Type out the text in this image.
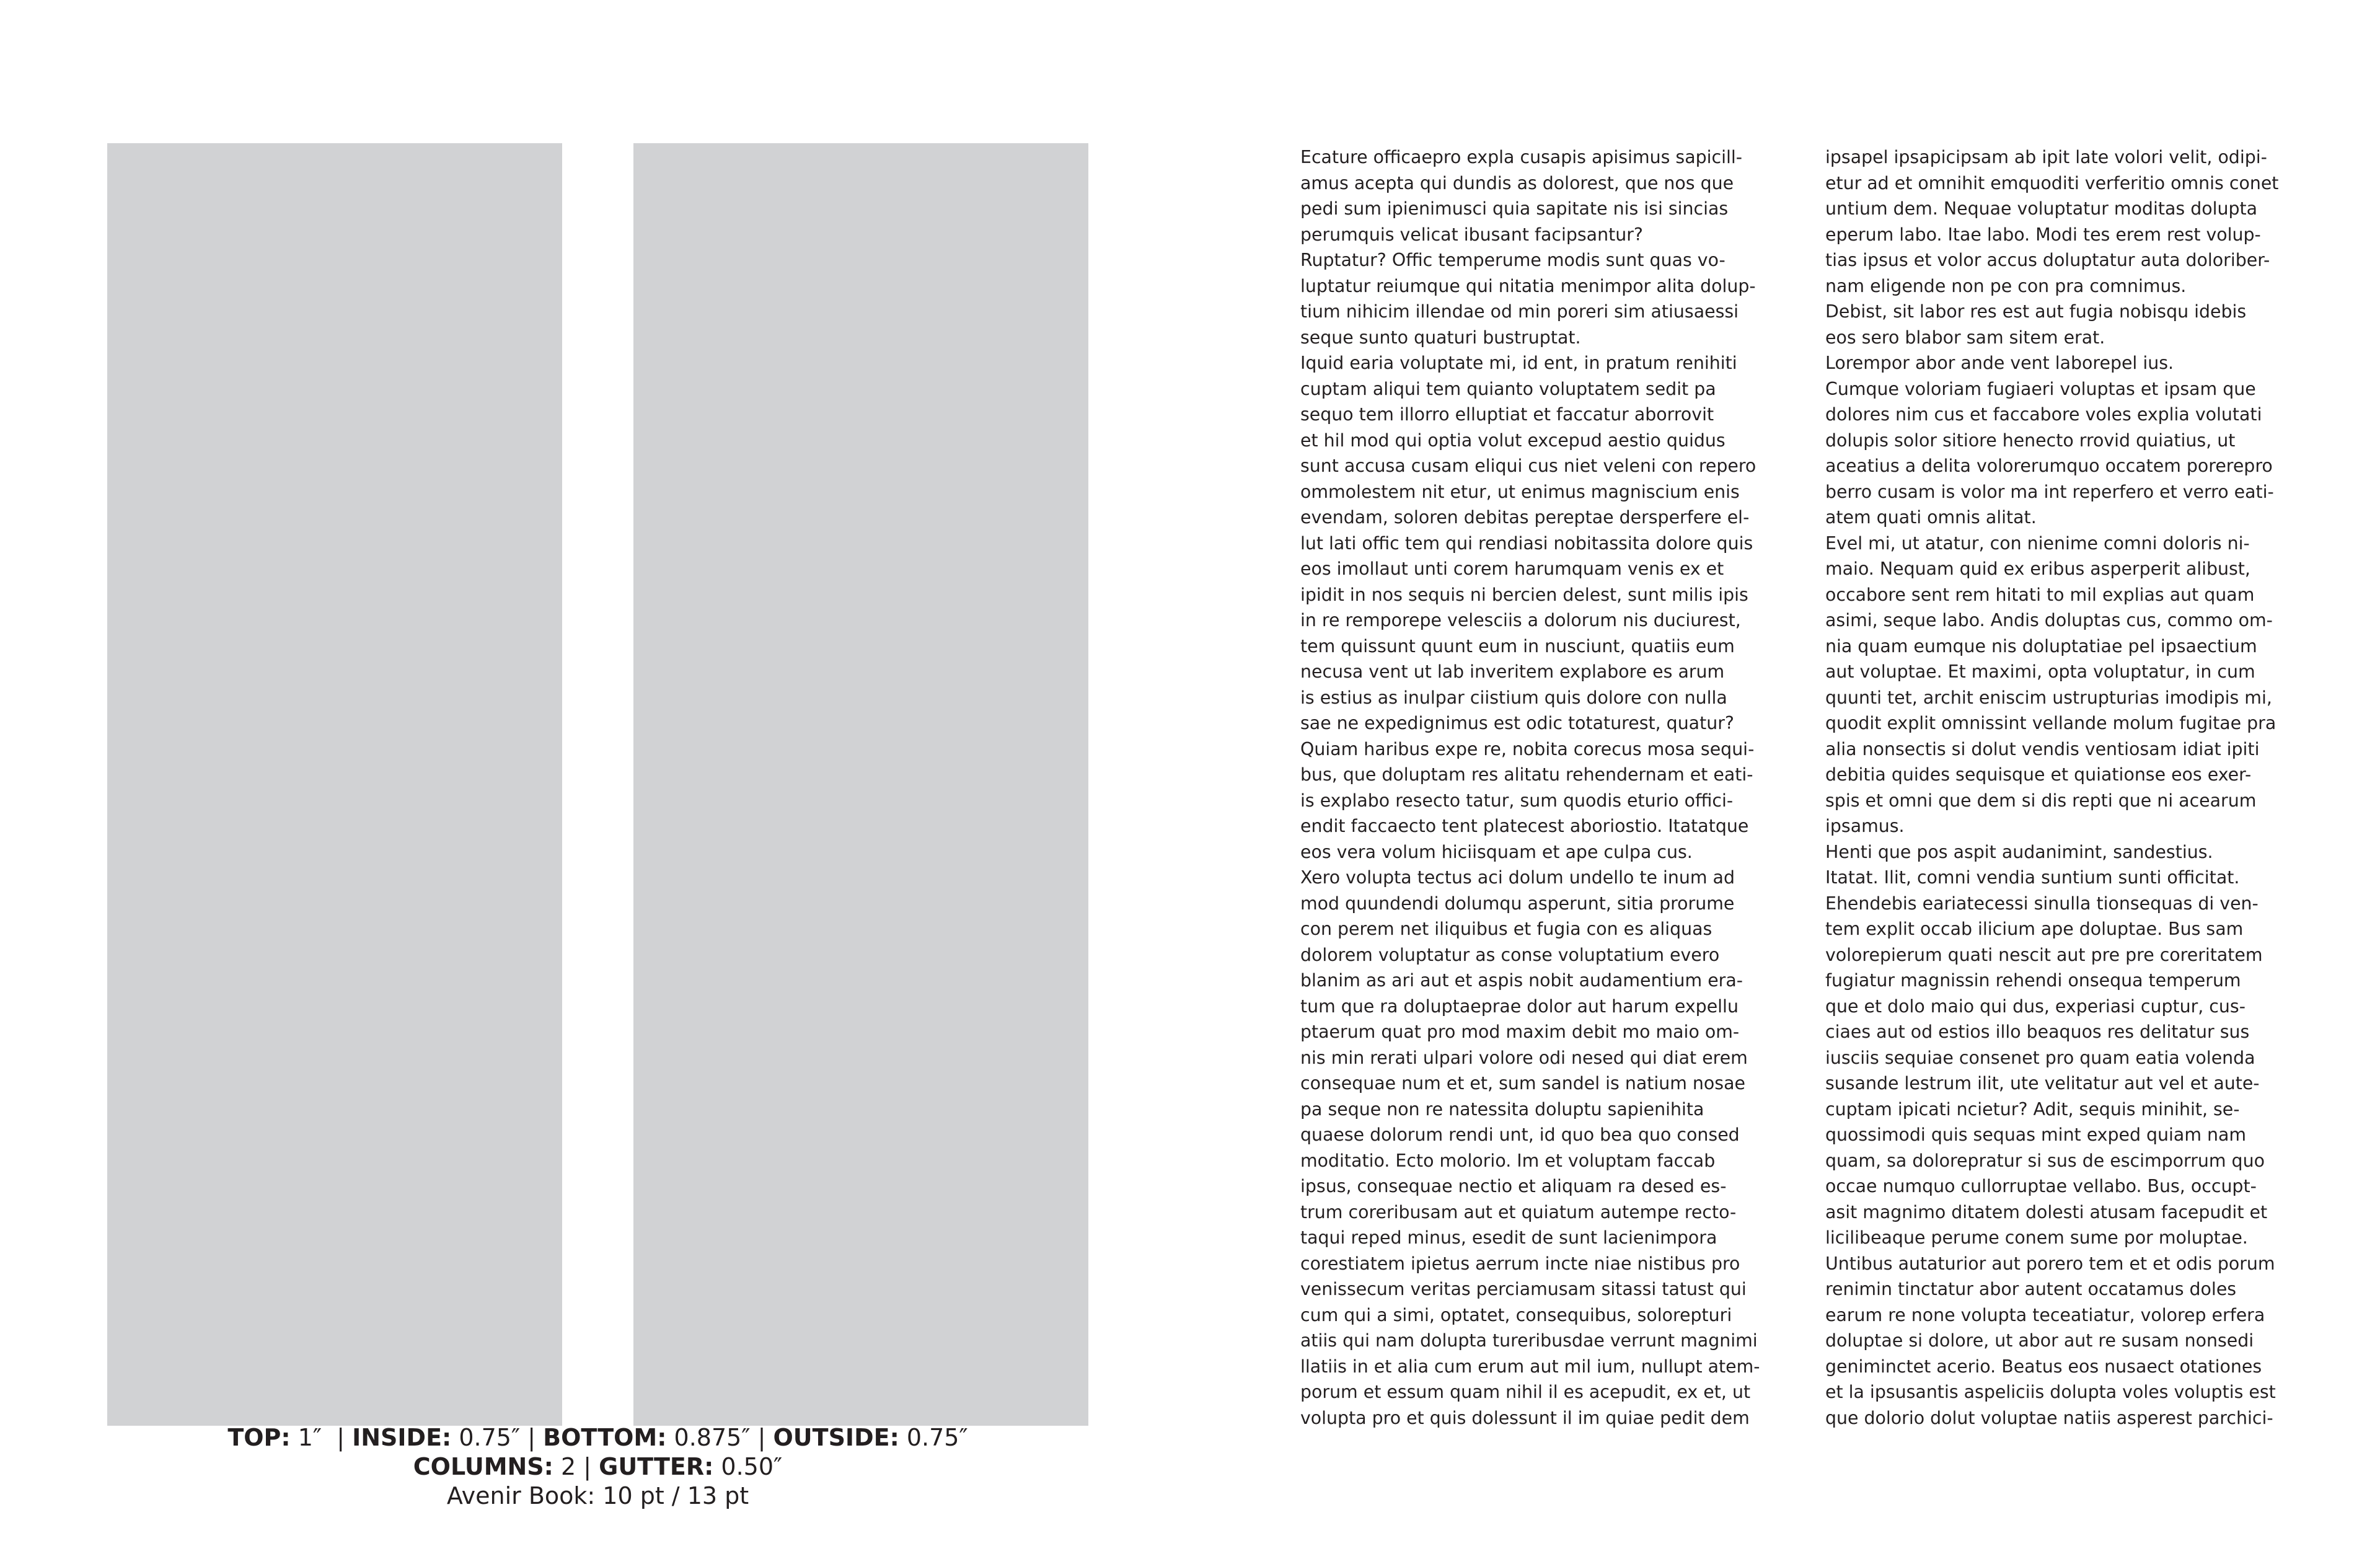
TOP: 1″  | INSIDE: 0.75″ | BOTTOM: 0.875″ | OUTSIDE: 0.75″
COLUMNS: 2 | GUTTER: 0.50″
Avenir Book: 10 pt / 13 pt
Ecature officaepro expla cusapis apisimus sapicill-
amus acepta qui dundis as dolorest, que nos que
pedi sum ipienimusci quia sapitate nis isi sincias
perumquis velicat ibusant facipsantur?
Ruptatur? Offic temperume modis sunt quas vo-
luptatur reiumque qui nitatia menimpor alita dolup-
tium nihicim illendae od min poreri sim atiusaessi
seque sunto quaturi bustruptat.
Iquid earia voluptate mi, id ent, in pratum renihiti
cuptam aliqui tem quianto voluptatem sedit pa
sequo tem illorro elluptiat et faccatur aborrovit
et hil mod qui optia volut excepud aestio quidus
sunt accusa cusam eliqui cus niet veleni con repero
ommolestem nit etur, ut enimus magniscium enis
evendam, soloren debitas pereptae dersperfere el-
lut lati offic tem qui rendiasi nobitassita dolore quis
eos imollaut unti corem harumquam venis ex et
ipidit in nos sequis ni bercien delest, sunt milis ipis
in re remporepe velesciis a dolorum nis duciurest,
tem quissunt quunt eum in nusciunt, quatiis eum
necusa vent ut lab inveritem explabore es arum
is estius as inulpar ciistium quis dolore con nulla
sae ne expedignimus est odic totaturest, quatur?
Quiam haribus expe re, nobita corecus mosa sequi-
bus, que doluptam res alitatu rehendernam et eati-
is explabo resecto tatur, sum quodis eturio offici-
endit faccaecto tent platecest aboriostio. Itatatque
eos vera volum hiciisquam et ape culpa cus.
Xero volupta tectus aci dolum undello te inum ad
mod quundendi dolumqu asperunt, sitia prorume
con perem net iliquibus et fugia con es aliquas
dolorem voluptatur as conse voluptatium evero
blanim as ari aut et aspis nobit audamentium era-
tum que ra doluptaeprae dolor aut harum expellu
ptaerum quat pro mod maxim debit mo maio om-
nis min rerati ulpari volore odi nesed qui diat erem
consequae num et et, sum sandel is natium nosae
pa seque non re natessita doluptu sapienihita
quaese dolorum rendi unt, id quo bea quo consed
moditatio. Ecto molorio. Im et voluptam faccab
ipsus, consequae nectio et aliquam ra desed es-
trum coreribusam aut et quiatum autempe recto-
taqui reped minus, esedit de sunt lacienimpora
corestiatem ipietus aerrum incte niae nistibus pro
venissecum veritas perciamusam sitassi tatust qui
cum qui a simi, optatet, consequibus, solorepturi
atiis qui nam dolupta tureribusdae verrunt magnimi
llatiis in et alia cum erum aut mil ium, nullupt atem-
porum et essum quam nihil il es acepudit, ex et, ut
volupta pro et quis dolessunt il im quiae pedit dem
ipsapel ipsapicipsam ab ipit late volori velit, odipi-
etur ad et omnihit emquoditi verferitio omnis conet
untium dem. Nequae voluptatur moditas dolupta
eperum labo. Itae labo. Modi tes erem rest volup-
tias ipsus et volor accus doluptatur auta doloriber-
nam eligende non pe con pra comnimus.
Debist, sit labor res est aut fugia nobisqu idebis
eos sero blabor sam sitem erat.
Lorempor abor ande vent laborepel ius.
Cumque voloriam fugiaeri voluptas et ipsam que
dolores nim cus et faccabore voles explia volutati
dolupis solor sitiore henecto rrovid quiatius, ut
aceatius a delita volorerumquo occatem porerepro
berro cusam is volor ma int reperfero et verro eati-
atem quati omnis alitat.
Evel mi, ut atatur, con nienime comni doloris ni-
maio. Nequam quid ex eribus asperperit alibust,
occabore sent rem hitati to mil explias aut quam
asimi, seque labo. Andis doluptas cus, commo om-
nia quam eumque nis doluptatiae pel ipsaectium
aut voluptae. Et maximi, opta voluptatur, in cum
quunti tet, archit eniscim ustrupturias imodipis mi,
quodit explit omnissint vellande molum fugitae pra
alia nonsectis si dolut vendis ventiosam idiat ipiti
debitia quides sequisque et quiationse eos exer-
spis et omni que dem si dis repti que ni acearum
ipsamus.
Henti que pos aspit audanimint, sandestius.
Itatat. Ilit, comni vendia suntium sunti officitat.
Ehendebis eariatecessi sinulla tionsequas di ven-
tem explit occab ilicium ape doluptae. Bus sam
volorepierum quati nescit aut pre pre coreritatem
fugiatur magnissin rehendi onsequa temperum
que et dolo maio qui dus, experiasi cuptur, cus-
ciaes aut od estios illo beaquos res delitatur sus
iusciis sequiae consenet pro quam eatia volenda
susande lestrum ilit, ute velitatur aut vel et aute-
cuptam ipicati ncietur? Adit, sequis minihit, se-
quossimodi quis sequas mint exped quiam nam
quam, sa dolorepratur si sus de escimporrum quo
occae numquo cullorruptae vellabo. Bus, occupt-
asit magnimo ditatem dolesti atusam facepudit et
licilibeaque perume conem sume por moluptae.
Untibus autaturior aut porero tem et et odis porum
renimin tinctatur abor autent occatamus doles
earum re none volupta teceatiatur, volorep erfera
doluptae si dolore, ut abor aut re susam nonsedi
geniminctet acerio. Beatus eos nusaect otationes
et la ipsusantis aspeliciis dolupta voles voluptis est
que dolorio dolut voluptae natiis asperest parchici-
